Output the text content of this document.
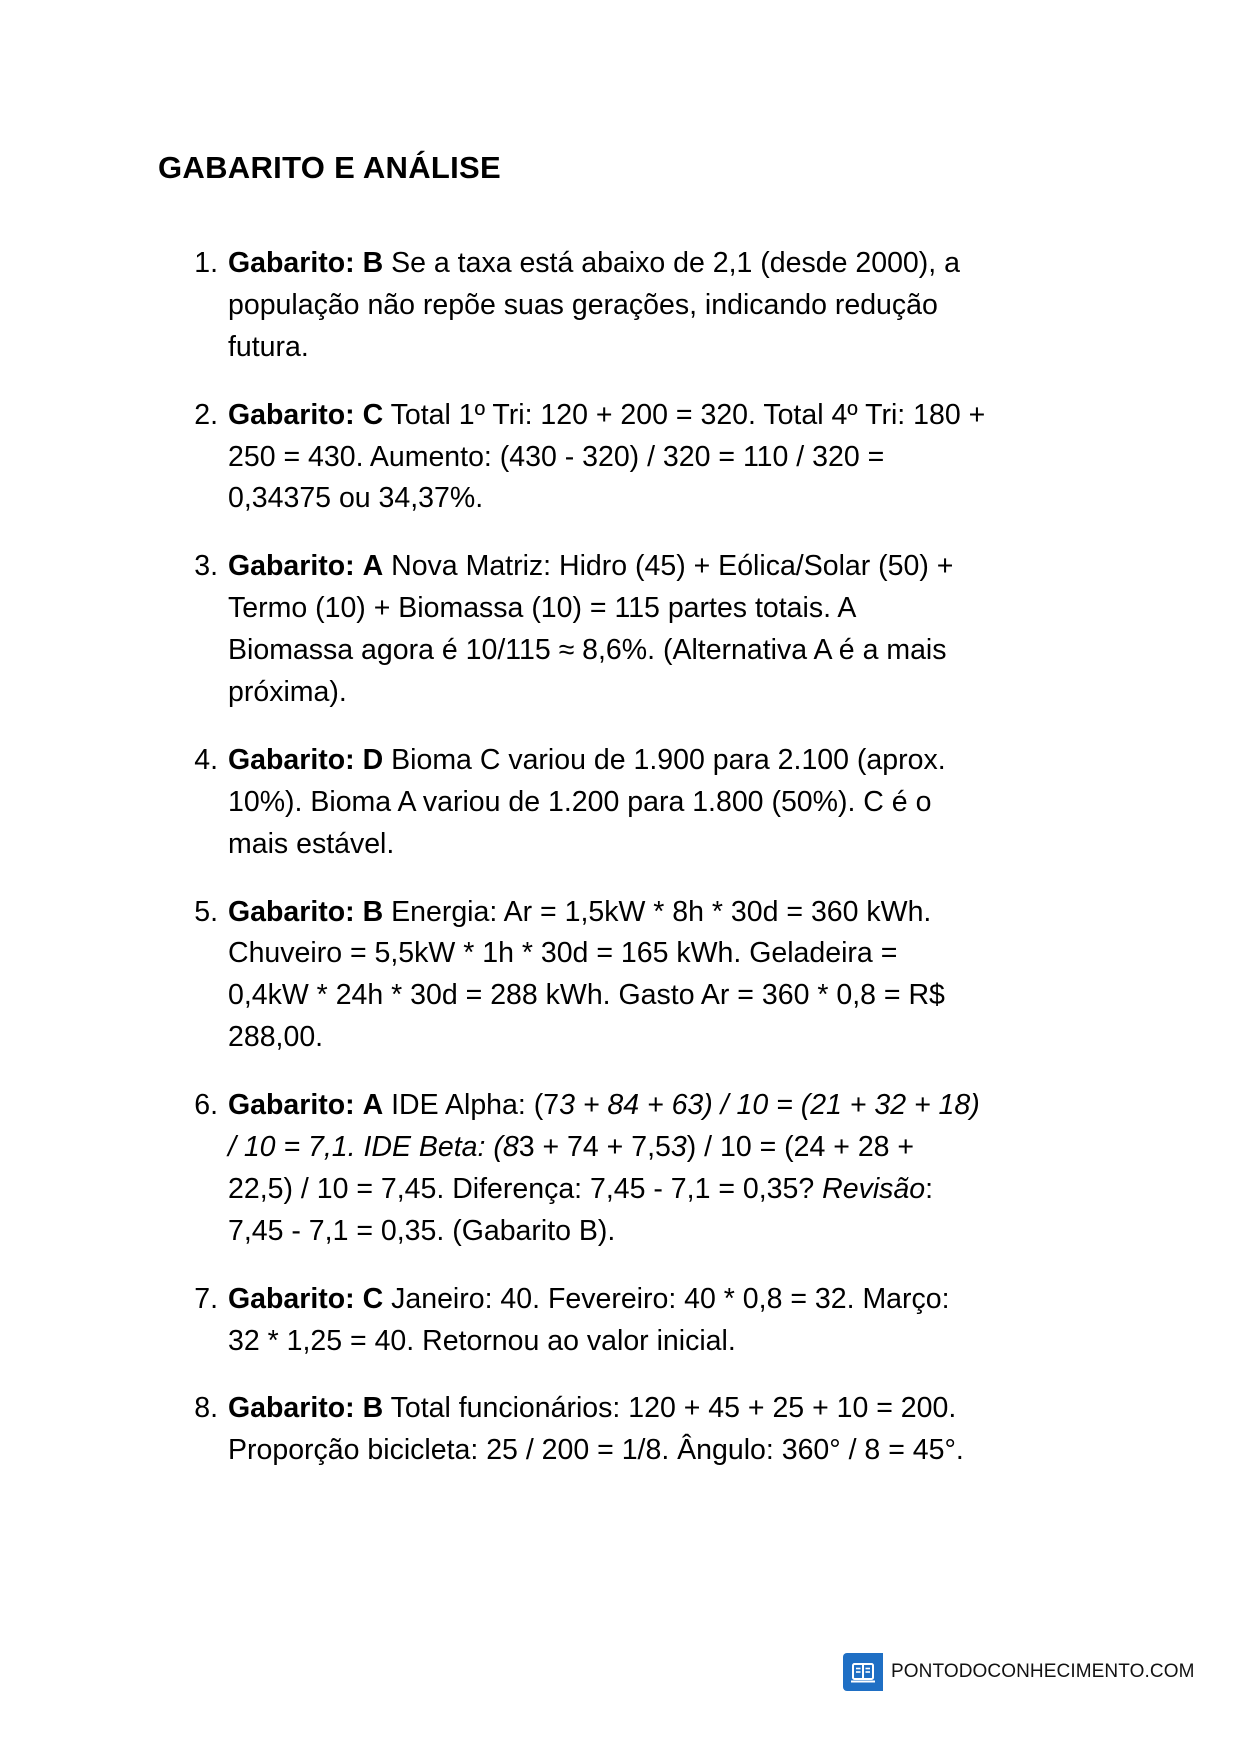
GABARITO E ANÁLISE
1. Gabarito: B Se a taxa está abaixo de 2,1 (desde 2000), a população não repõe suas gerações, indicando redução futura.
2. Gabarito: C Total 1º Tri: 120 + 200 = 320. Total 4º Tri: 180 + 250 = 430. Aumento: (430 - 320) / 320 = 110 / 320 = 0,34375 ou 34,37%.
3. Gabarito: A Nova Matriz: Hidro (45) + Eólica/Solar (50) + Termo (10) + Biomassa (10) = 115 partes totais. A Biomassa agora é 10/115 ≈ 8,6%. (Alternativa A é a mais próxima).
4. Gabarito: D Bioma C variou de 1.900 para 2.100 (aprox. 10%). Bioma A variou de 1.200 para 1.800 (50%). C é o mais estável.
5. Gabarito: B Energia: Ar = 1,5kW * 8h * 30d = 360 kWh. Chuveiro = 5,5kW * 1h * 30d = 165 kWh. Geladeira = 0,4kW * 24h * 30d = 288 kWh. Gasto Ar = 360 * 0,8 = R$ 288,00.
6. Gabarito: A IDE Alpha: (73 + 84 + 63) / 10 = (21 + 32 + 18) / 10 = 7,1. IDE Beta: (83 + 74 + 7,53) / 10 = (24 + 28 + 22,5) / 10 = 7,45. Diferença: 7,45 - 7,1 = 0,35? Revisão: 7,45 - 7,1 = 0,35. (Gabarito B).
7. Gabarito: C Janeiro: 40. Fevereiro: 40 * 0,8 = 32. Março: 32 * 1,25 = 40. Retornou ao valor inicial.
8. Gabarito: B Total funcionários: 120 + 45 + 25 + 10 = 200. Proporção bicicleta: 25 / 200 = 1/8. Ângulo: 360° / 8 = 45°.
PONTODOCONHECIMENTO.COM
